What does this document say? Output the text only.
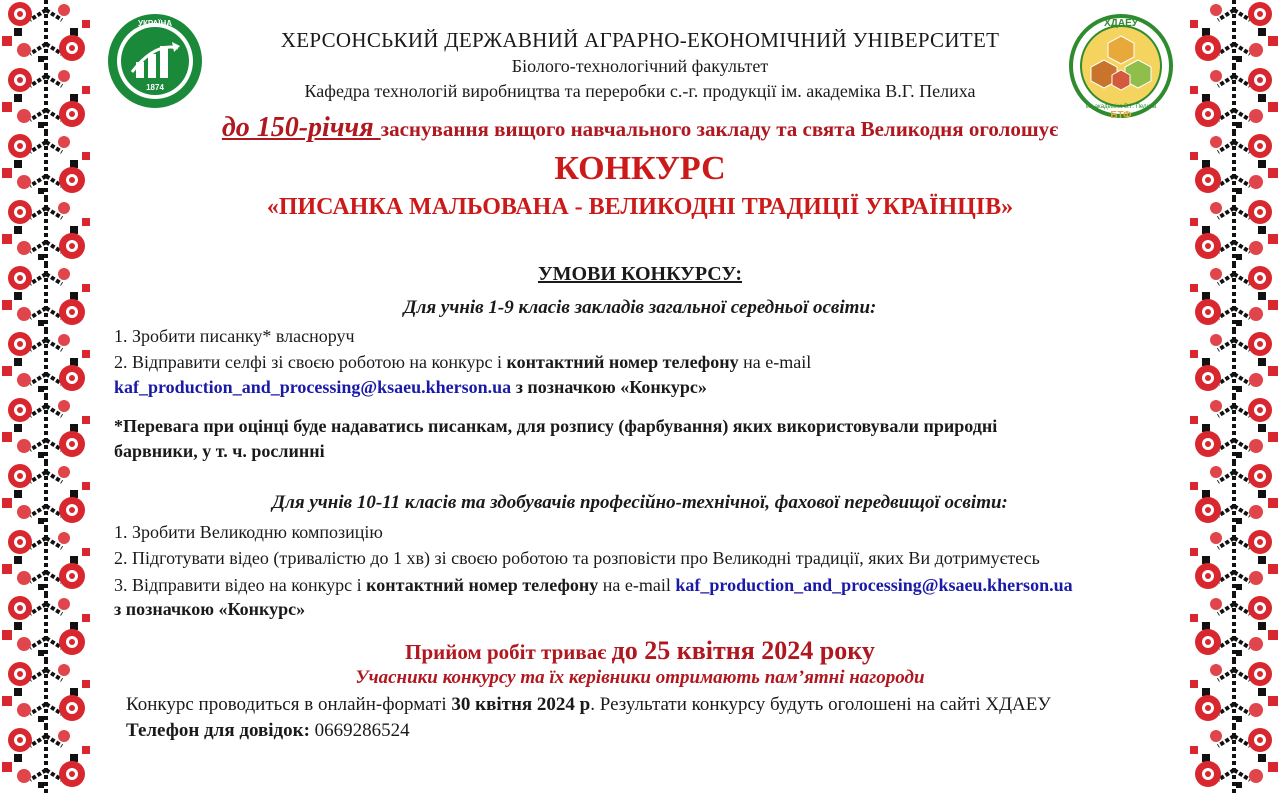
УКРАЇНА
1874
ХДАЕУ
ім. академіка В.Г. Пелиха
БТФ
ХЕРСОНСЬКИЙ ДЕРЖАВНИЙ АГРАРНО-ЕКОНОМІЧНИЙ УНІВЕРСИТЕТ
Біолого-технологічний факультет
Кафедра технологій виробництва та переробки с.-г. продукції ім. академіка В.Г. Пелиха
до 150-річчя заснування вищого навчального закладу та свята Великодня оголошує
КОНКУРС
«ПИСАНКА МАЛЬОВАНА - ВЕЛИКОДНІ ТРАДИЦІЇ УКРАЇНЦІВ»
УМОВИ КОНКУРСУ:
Для учнів 1-9 класів закладів загальної середньої освіти:
1. Зробити писанку* власноруч
2. Відправити селфі зі своєю роботою на конкурс і контактний номер телефону на e-mail
kaf_production_and_processing@ksaeu.kherson.ua з позначкою «Конкурс»
*Перевага при оцінці буде надаватись писанкам, для розпису (фарбування) яких використовували природні
барвники, у т. ч. рослинні
Для учнів 10-11 класів та здобувачів професійно-технічної, фахової передвищої освіти:
1. Зробити Великодню композицію
2. Підготувати відео (тривалістю до 1 хв) зі своєю роботою та розповісти про Великодні традиції, яких Ви дотримуєтесь
3. Відправити відео на конкурс і контактний номер телефону на e-mail kaf_production_and_processing@ksaeu.kherson.ua
з позначкою «Конкурс»
Прийом робіт триває до 25 квітня 2024 року
Учасники конкурсу та їх керівники отримають пам’ятні нагороди
Конкурс проводиться в онлайн-форматі 30 квітня 2024 р. Результати конкурсу будуть оголошені на сайті ХДАЕУ
Телефон для довідок: 0669286524
